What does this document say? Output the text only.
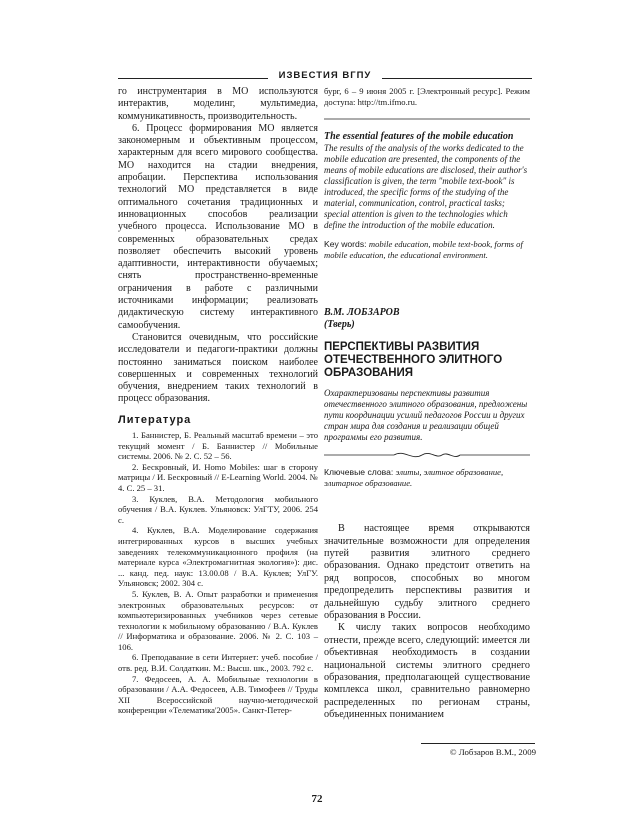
ИЗВЕСТИЯ ВГПУ

го инструментария в МО используются интерактив, моделинг, мультимедиа, коммуникативность, производительность.

6. Процесс формирования МО является закономерным и объективным процессом, характерным для всего мирового сообщества. МО находится на стадии внедрения, апробации. Перспектива использования технологий МО представляется в виде оптимального сочетания традиционных и инновационных способов реализации учебного процесса. Использование МО в современных образовательных средах позволяет обеспечить высокий уровень адаптивности, интерактивности обучаемых; снять пространственно-временные ограничения в работе с различными источниками информации; реализовать дидактическую систему интерактивного самообучения.

Становится очевидным, что российские исследователи и педагоги-практики должны постоянно заниматься поиском наиболее совершенных и современных технологий обучения, внедрением таких технологий в процесс образования.

Литература

1. Баннистер, Б. Реальный масштаб времени – это текущий момент / Б. Баннистер // Мобильные системы. 2006. № 2. С. 52 – 56.

2. Бескровный, И. Homo Mobiles: шаг в сторону матрицы / И. Бескровный // E-Learning World. 2004. № 4. С. 25 – 31.

3. Куклев, В.А. Методология мобильного обучения / В.А. Куклев. Ульяновск: УлГТУ, 2006. 254 с.

4. Куклев, В.А. Моделирование содержания интегрированных курсов в высших учебных заведениях телекоммуникационного профиля (на материале курса «Электромагнитная экология»): дис. ... канд. пед. наук: 13.00.08 / В.А. Куклев; УлГУ. Ульяновск; 2002. 304 с.

5. Куклев, В. А. Опыт разработки и применения электронных образовательных ресурсов: от компьютеризированных учебников через сетевые технологии к мобильному образованию / В.А. Куклев // Информатика и образование. 2006. № 2. С. 103 – 106.

6. Преподавание в сети Интернет: учеб. пособие / отв. ред. В.И. Солдаткин. М.: Высш. шк., 2003. 792 с.

7. Федосеев, А. А. Мобильные технологии в образовании / А.А. Федосеев, А.В. Тимофеев // Труды XII Всероссийской научно-методической конференции «Телематика'2005». Санкт-Петер-

бург, 6 – 9 июня 2005 г. [Электронный ресурс]. Режим доступа: http://tm.ifmo.ru.

The essential features of the mobile education

The results of the analysis of the works dedicated to the mobile education are presented, the components of the means of mobile educations are disclosed, their author's classification is given, the term "mobile text-book" is introduced, the specific forms of the studying of the material, communication, control, practical tasks; special attention is given to the technologies which define the introduction of the mobile education.

Key words: mobile education, mobile text-book, forms of mobile education, the educational environment.

В.М. ЛОБЗАРОВ

(Тверь)

ПЕРСПЕКТИВЫ РАЗВИТИЯ ОТЕЧЕСТВЕННОГО ЭЛИТНОГО ОБРАЗОВАНИЯ

Охарактеризованы перспективы развития отечественного элитного образования, предложены пути координации усилий педагогов России и других стран мира для создания и реализации общей программы его развития.

Ключевые слова: элиты, элитное образование, элитарное образование.

В настоящее время открываются значительные возможности для определения путей развития элитного среднего образования. Однако предстоит ответить на ряд вопросов, способных во многом предопределить перспективы развития и дальнейшую судьбу элитного среднего образования в России.

К числу таких вопросов необходимо отнести, прежде всего, следующий: имеется ли объективная необходимость в создании национальной системы элитного среднего образования, предполагающей существование комплекса школ, сравнительно равномерно распределенных по регионам страны, объединенных пониманием

© Лобзаров В.М., 2009
72
